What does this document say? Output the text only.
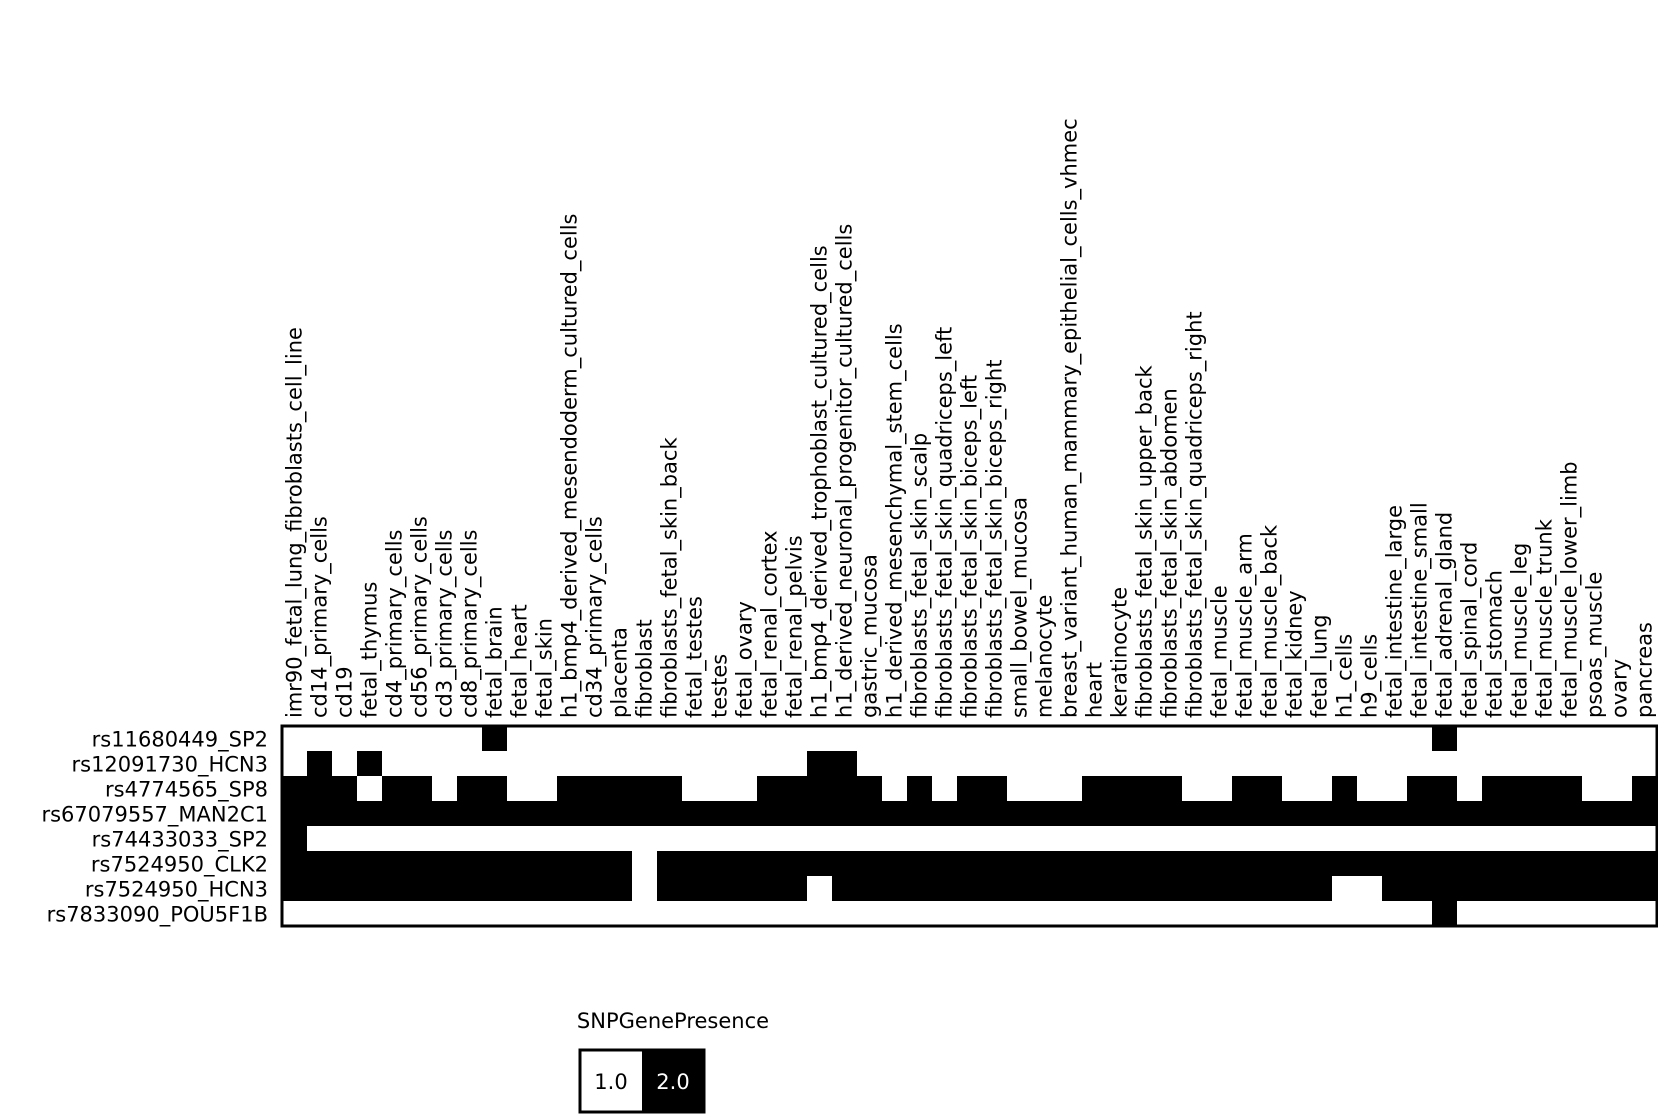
imr90_fetal_lung_fibroblasts_cell_line cd14_primary_cells cd19 fetal_thymus cd4_primary_cells cd56_primary_cells cd3_primary_cells cd8_primary_cells fetal_brain fetal_heart fetal_skin h1_bmp4_derived_mesendoderm_cultured_cells cd34_primary_cells placenta fibroblast fibroblasts_fetal_skin_back fetal_testes testes fetal_ovary fetal_renal_cortex fetal_renal_pelvis h1_bmp4_derived_trophoblast_cultured_cells h1_derived_neuronal_progenitor_cultured_cells gastric_mucosa h1_derived_mesenchymal_stem_cells fibroblasts_fetal_skin_scalp fibroblasts_fetal_skin_quadriceps_left fibroblasts_fetal_skin_biceps_left fibroblasts_fetal_skin_biceps_right small_bowel_mucosa melanocyte breast_variant_human_mammary_epithelial_cells_vhmec heart keratinocyte fibroblasts_fetal_skin_upper_back fibroblasts_fetal_skin_abdomen fibroblasts_fetal_skin_quadriceps_right fetal_muscle fetal_muscle_arm fetal_muscle_back fetal_kidney fetal_lung h1_cells h9_cells fetal_intestine_large fetal_intestine_small fetal_adrenal_gland fetal_spinal_cord fetal_stomach fetal_muscle_leg fetal_muscle_trunk fetal_muscle_lower_limb psoas_muscle ovary pancreas
rs11680449_SP2
rs12091730_HCN3
rs4774565_SP8
rs67079557_MAN2C1
rs74433033_SP2
rs7524950_CLK2
rs7524950_HCN3
rs7833090_POU5F1B
SNPGenePresence
1.0 2.0
